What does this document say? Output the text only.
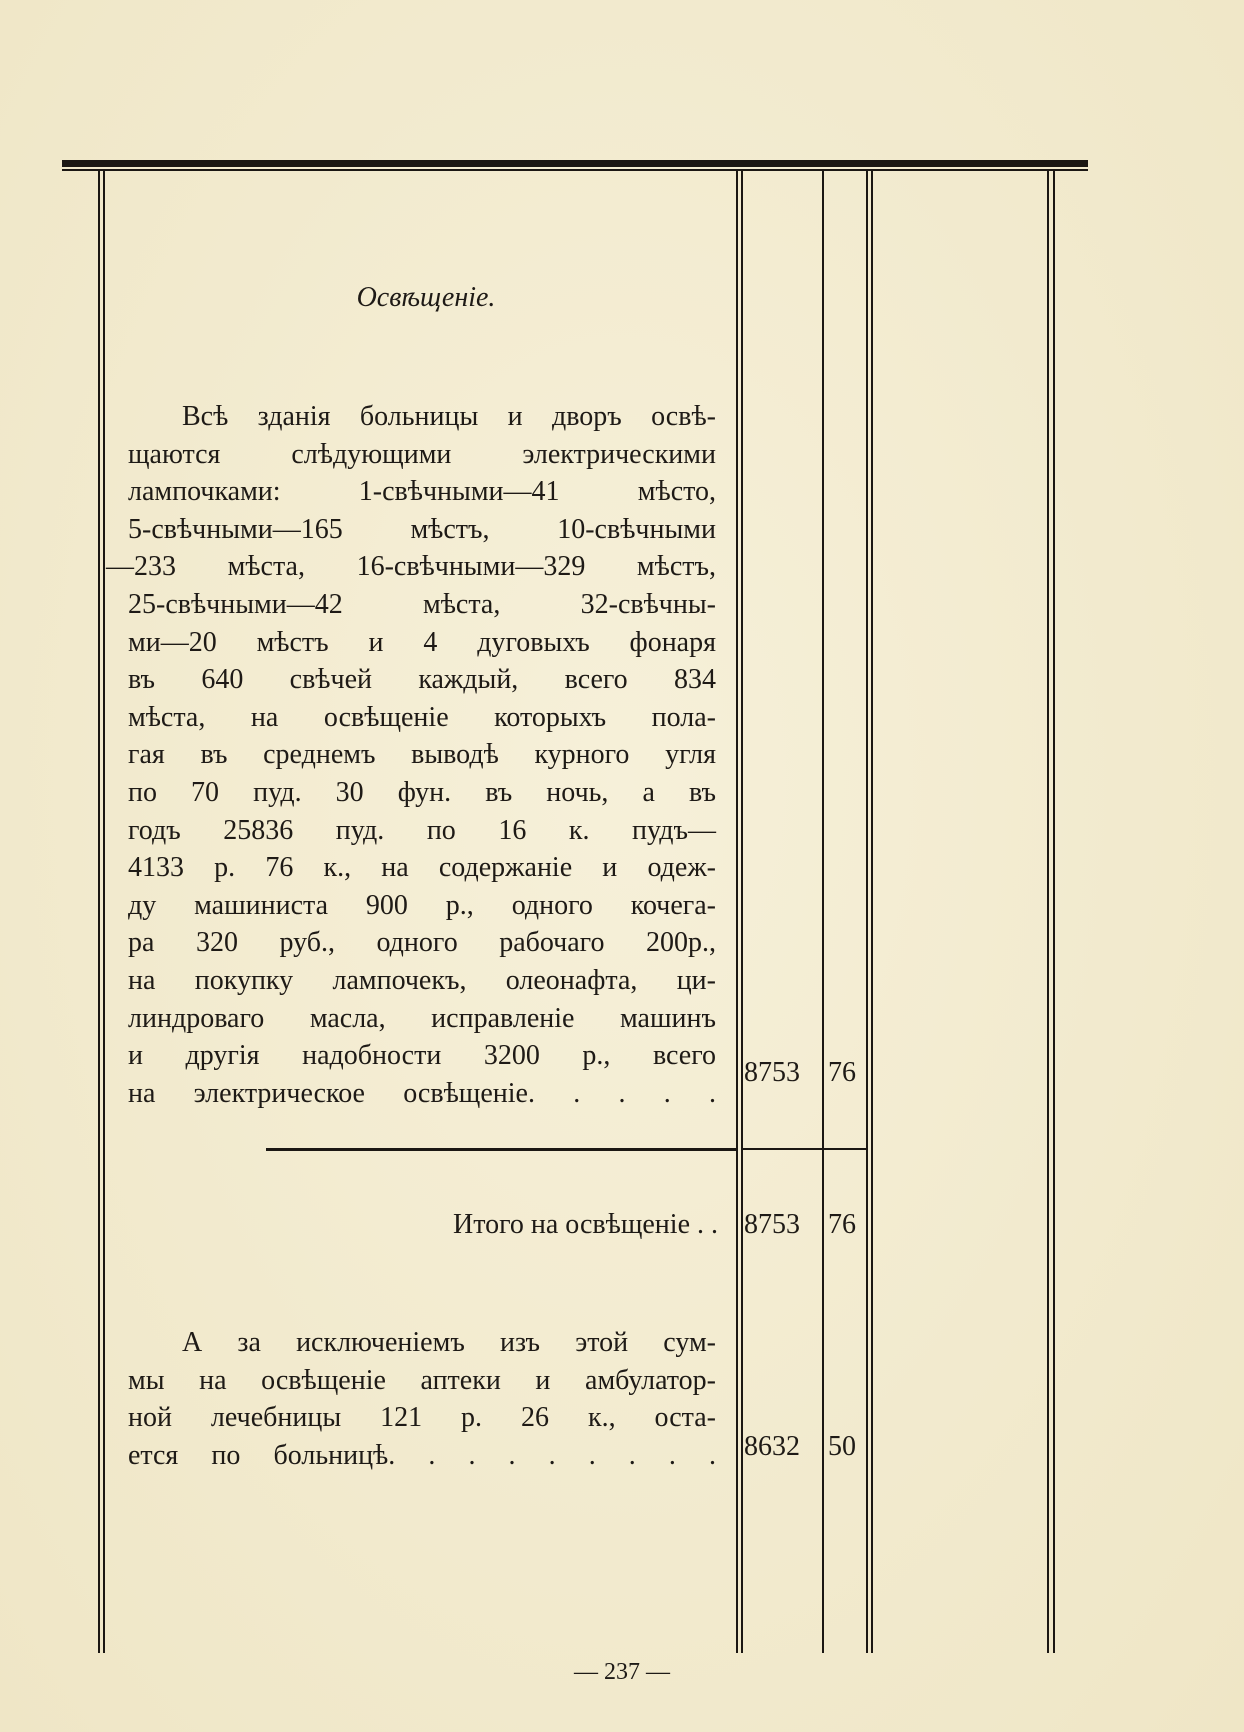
Освѣщеніе.
Всѣ зданія больницы и дворъ освѣ-
щаются слѣдующими электрическими
лампочками: 1-свѣчными—41 мѣсто,
5-свѣчными—165 мѣстъ, 10-свѣчными
—233 мѣста, 16-свѣчными—329 мѣстъ,
25-свѣчными—42 мѣста, 32-свѣчны-
ми—20 мѣстъ и 4 дуговыхъ фонаря
въ 640 свѣчей каждый, всего 834
мѣста, на освѣщеніе которыхъ пола-
гая въ среднемъ выводѣ курного угля
по 70 пуд. 30 фун. въ ночь, а въ
годъ 25836 пуд. по 16 к. пудъ—
4133 р. 76 к., на содержаніе и одеж-
ду машиниста 900 р., одного кочега-
ра 320 руб., одного рабочаго 200р.,
на покупку лампочекъ, олеонафта, ци-
линдроваго масла, исправленіе машинъ
и другія надобности 3200 р., всего
на электрическое освѣщеніе. . . . .
8753 76
Итого на освѣщеніе . . 8753 76
А за исключеніемъ изъ этой сум-
мы на освѣщеніе аптеки и амбулатор-
ной лечебницы 121 р. 26 к., оста-
ется по больницѣ. . . . . . . . . 8632 50
— 237 —
